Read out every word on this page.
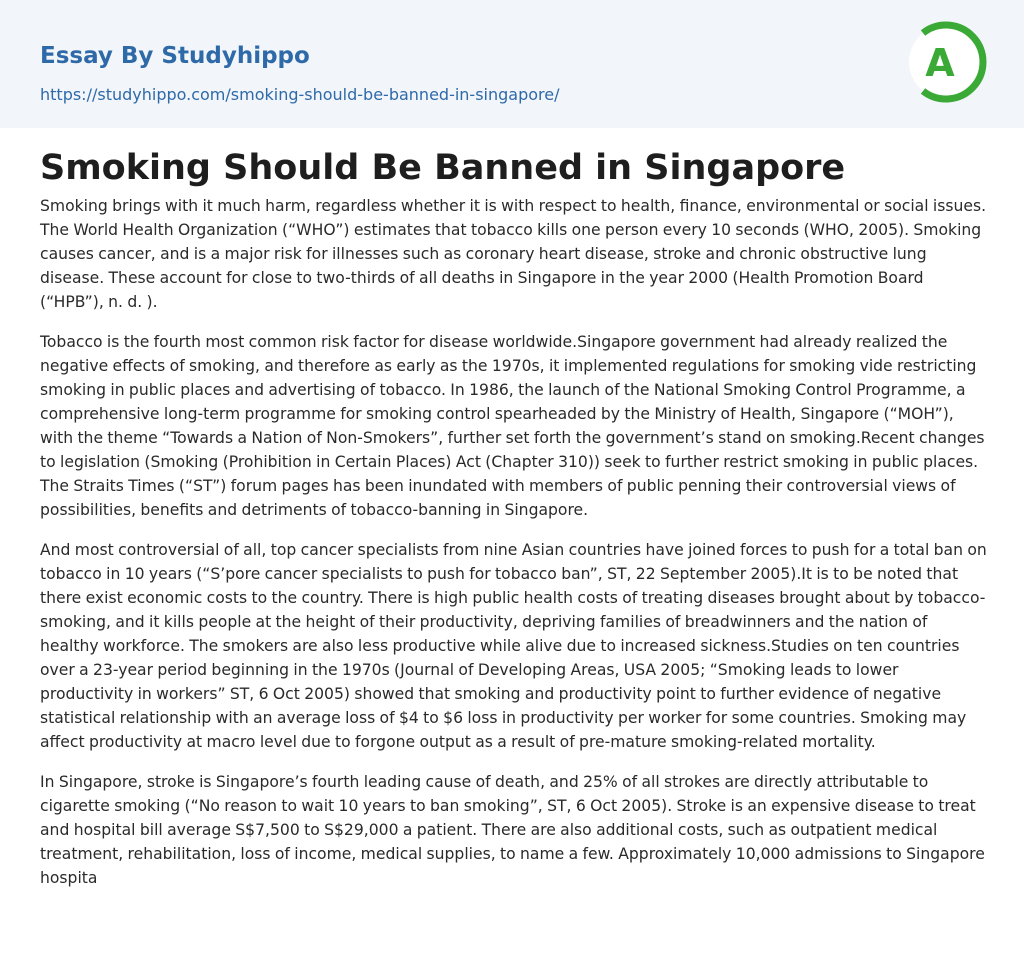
Essay By Studyhippo
https://studyhippo.com/smoking-should-be-banned-in-singapore/
A
Smoking Should Be Banned in Singapore

Smoking brings with it much harm, regardless whether it is with respect to health, finance, environmental or social issues. The World Health Organization (“WHO”) estimates that tobacco kills one person every 10 seconds (WHO, 2005). Smoking causes cancer, and is a major risk for illnesses such as coronary heart disease, stroke and chronic obstructive lung disease. These account for close to two-thirds of all deaths in Singapore in the year 2000 (Health Promotion Board (“HPB”), n. d. ).

Tobacco is the fourth most common risk factor for disease worldwide.Singapore government had already realized the negative effects of smoking, and therefore as early as the 1970s, it implemented regulations for smoking vide restricting smoking in public places and advertising of tobacco. In 1986, the launch of the National Smoking Control Programme, a comprehensive long-term programme for smoking control spearheaded by the Ministry of Health, Singapore (“MOH”), with the theme “Towards a Nation of Non-Smokers”, further set forth the government’s stand on smoking.Recent changes to legislation (Smoking (Prohibition in Certain Places) Act (Chapter 310)) seek to further restrict smoking in public places. The Straits Times (“ST”) forum pages has been inundated with members of public penning their controversial views of possibilities, benefits and detriments of tobacco-banning in Singapore.

And most controversial of all, top cancer specialists from nine Asian countries have joined forces to push for a total ban on tobacco in 10 years (“S’pore cancer specialists to push for tobacco ban”, ST, 22 September 2005).It is to be noted that there exist economic costs to the country. There is high public health costs of treating diseases brought about by tobacco-smoking, and it kills people at the height of their productivity, depriving families of breadwinners and the nation of healthy workforce. The smokers are also less productive while alive due to increased sickness.Studies on ten countries over a 23-year period beginning in the 1970s (Journal of Developing Areas, USA 2005; “Smoking leads to lower productivity in workers” ST, 6 Oct 2005) showed that smoking and productivity point to further evidence of negative statistical relationship with an average loss of $4 to $6 loss in productivity per worker for some countries. Smoking may affect productivity at macro level due to forgone output as a result of pre-mature smoking-related mortality.

In Singapore, stroke is Singapore’s fourth leading cause of death, and 25% of all strokes are directly attributable to cigarette smoking (“No reason to wait 10 years to ban smoking”, ST, 6 Oct 2005). Stroke is an expensive disease to treat and hospital bill average S$7,500 to S$29,000 a patient. There are also additional costs, such as outpatient medical treatment, rehabilitation, loss of income, medical supplies, to name a few. Approximately 10,000 admissions to Singapore hospita
